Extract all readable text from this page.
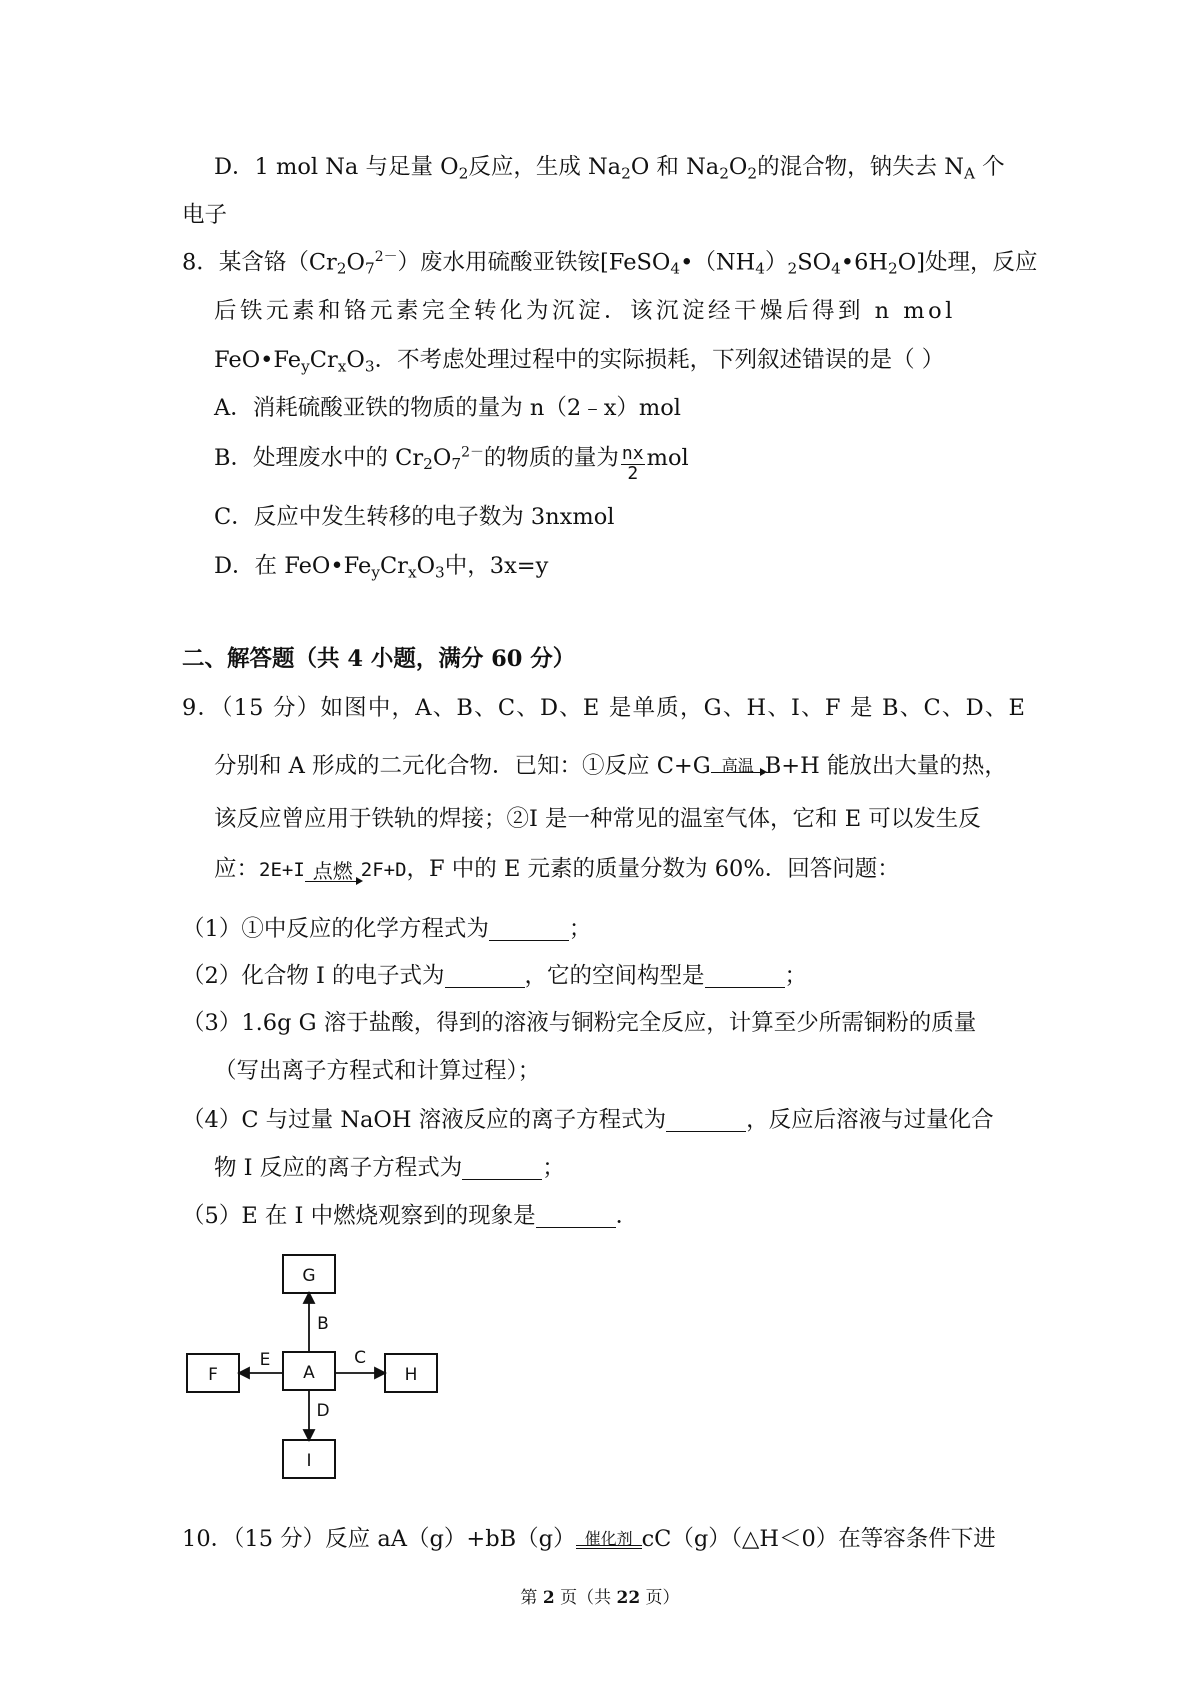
D．1 mol Na 与足量 $O_2$反应，生成 $Na_2O$ 和 $Na_2O_2$的混合物，钠失去 $N_A$ 个
电子
8．某含铬$(Cr_2O_7^{2-})$废水用硫酸亚铁铵$[FeSO_4•(NH_4)_2SO_4•6H_2O]$处理，反应
后铁元素和铬元素完全转化为沉淀．该沉淀经干燥后得到 n mol
$FeO•Fe_yCr_xO_3$．不考虑处理过程中的实际损耗，下列叙述错误的是（ ）
A．消耗硫酸亚铁的物质的量为 n（2﹣x）mol
B．处理废水中的 $Cr_2O_7^{2-}$的物质的量为 $\frac{nx}{2}$ mol
C．反应中发生转移的电子数为 3nxmol
D．在 $FeO•Fe_yCr_xO_3$中，3x=y
二、解答题（共 4 小题，满分 60 分）
9．（15 分）如图中，A、B、C、D、E 是单质，G、H、I、F 是 B、C、D、E
分别和 A 形成的二元化合物．已知：①反应 C+G 高温 B+H 能放出大量的热，
该反应曾应用于铁轨的焊接；②I 是一种常见的温室气体，它和 E 可以发生反
应：2E+I 点燃 2F+D，F 中的 E 元素的质量分数为 60%．回答问题：
（1）①中反应的化学方程式为	；
（2）化合物 I 的电子式为	，它的空间构型是	；
（3）1.6g G 溶于盐酸，得到的溶液与铜粉完全反应，计算至少所需铜粉的质量
（写出离子方程式和计算过程）；
（4）C 与过量 NaOH 溶液反应的离子方程式为	，反应后溶液与过量化合
物 I 反应的离子方程式为	；
（5）E 在 I 中燃烧观察到的现象是	．
G
A
F	H
I
B
E	C
D
10．（15 分）反应 aA（g）+bB（g） 催化剂 cC（g）（△H＜0）在等容条件下进
第 2 页（共 22 页）
